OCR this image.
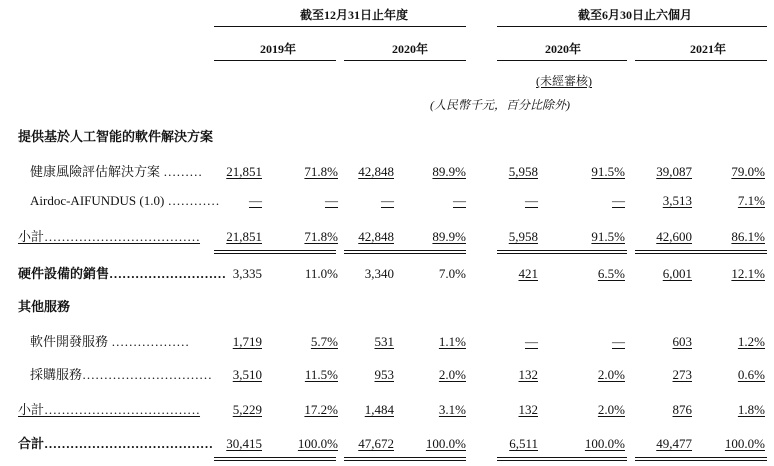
截至12月31日止年度	截至6月30日止六個月
2019年	2020年	2020年	2021年
(未經審核)
(人民幣千元，百分比除外)
提供基於人工智能的軟件解決方案
健康風險評估解決方案 ………	21,851	71.8%	42,848	89.9%	5,958	91.5%	39,087	79.0%
Airdoc-AIFUNDUS (1.0) …………	—	—	—	—	—	—	3,513	7.1%
小計………………………………	21,851	71.8%	42,848	89.9%	5,958	91.5%	42,600	86.1%
硬件設備的銷售……………………… 3,335	11.0%	3,340	7.0%	421	6.5%	6,001	12.1%
其他服務
軟件開發服務 ………………	1,719	5.7%	531	1.1%	—	—	603	1.2%
採購服務…………………………	3,510	11.5%	953	2.0%	132	2.0%	273	0.6%
小計………………………………	5,229	17.2%	1,484	3.1%	132	2.0%	876	1.8%
合計…………………………………	30,415	100.0%	47,672	100.0%	6,511	100.0%	49,477	100.0%
